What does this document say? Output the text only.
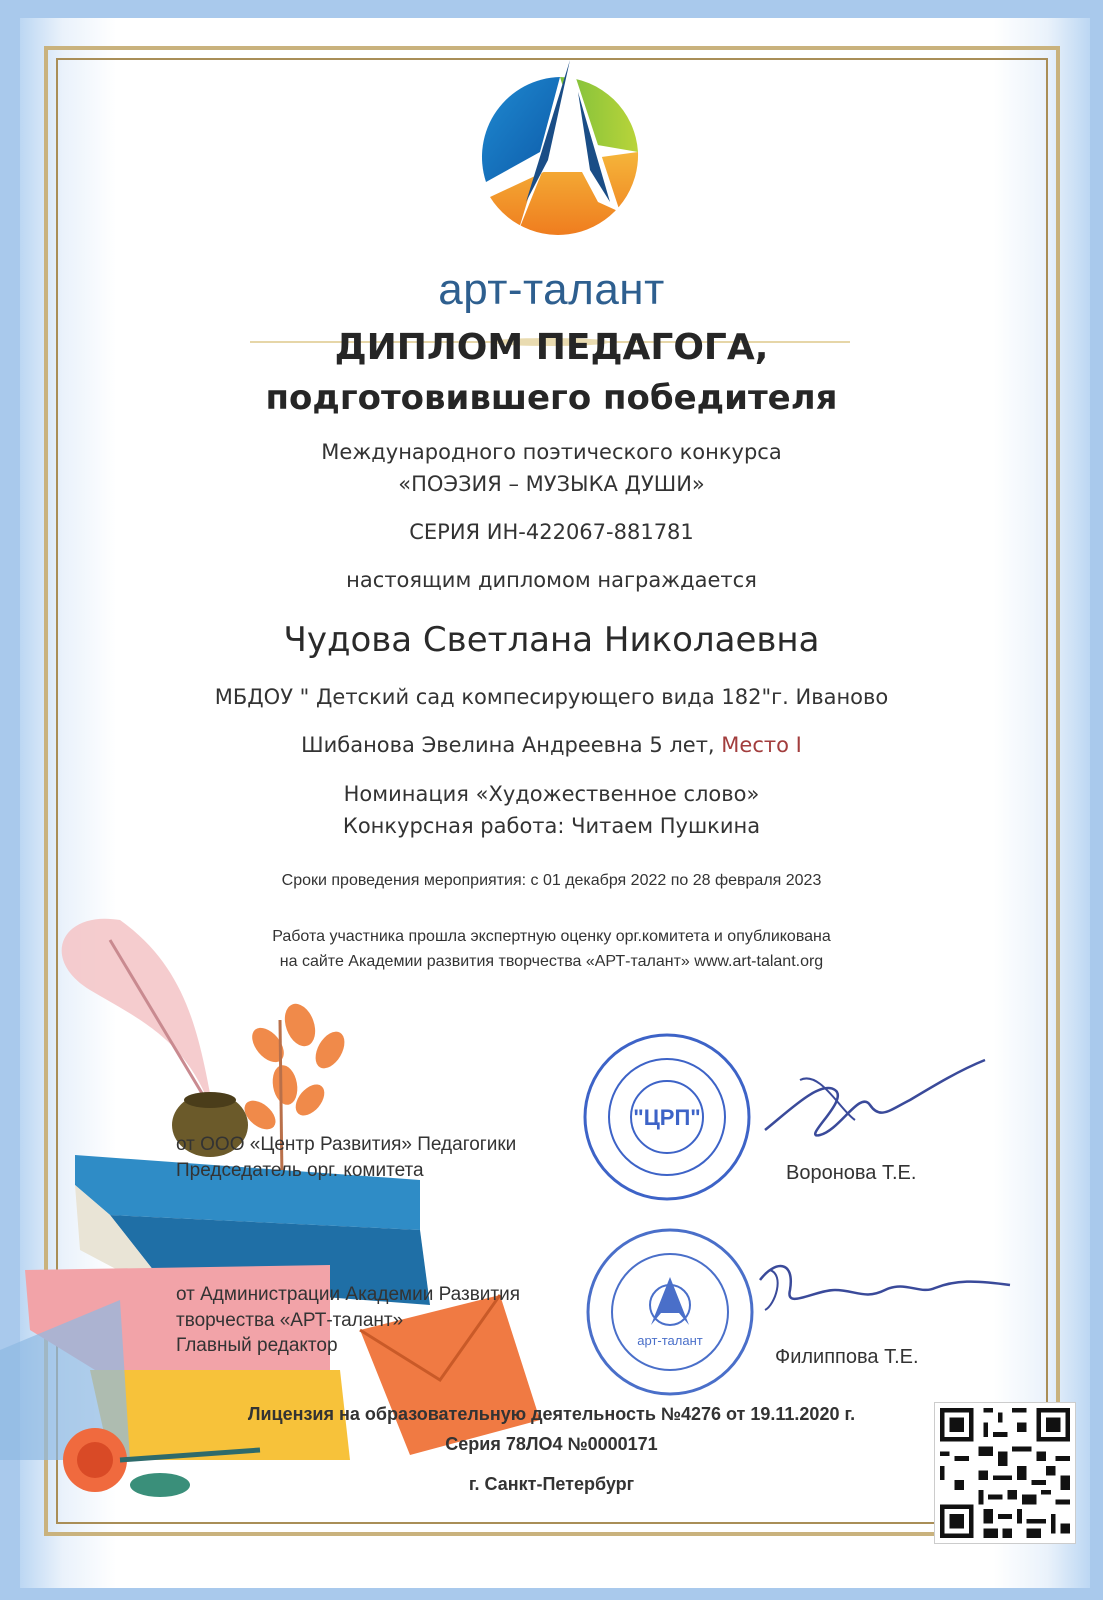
арт-талант
ДИПЛОМ ПЕДАГОГА,
подготовившего победителя
Международного поэтического конкурса
«ПОЭЗИЯ – МУЗЫКА ДУШИ»
СЕРИЯ ИН-422067-881781
настоящим дипломом награждается
Чудова Светлана Николаевна
МБДОУ " Детский сад компесирующего вида 182"г. Иваново
Шибанова Эвелина Андреевна 5 лет, Место I
Номинация «Художественное слово»
Конкурсная работа: Читаем Пушкина
Сроки проведения мероприятия: с 01 декабря 2022 по 28 февраля 2023
Работа участника прошла экспертную оценку орг.комитета и опубликована
на сайте Академии развития творчества «АРТ-талант» www.art-talant.org
от ООО «Центр Развития» Педагогики
Председатель орг. комитета
"ЦРП"
Воронова Т.Е.
от Администрации Академии Развития
творчества «АРТ-талант»
Главный редактор	арт-талант
Филиппова Т.Е.
Лицензия на образовательную деятельность №4276 от 19.11.2020 г.
Серия 78ЛО4 №0000171
г. Санкт-Петербург
